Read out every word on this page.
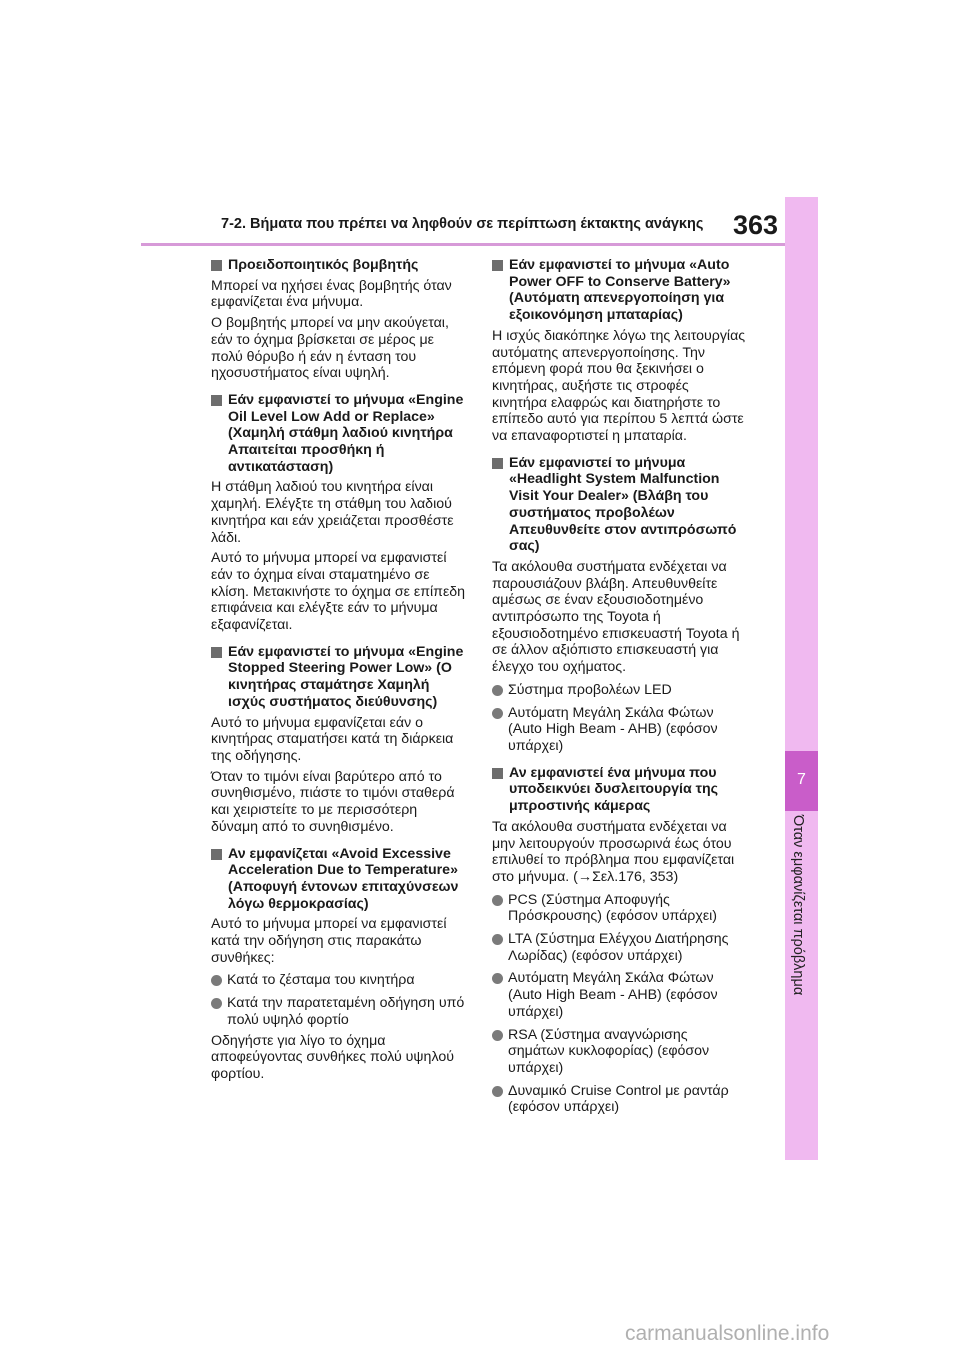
7-2. Βήματα που πρέπει να ληφθούν σε περίπτωση έκτακτης ανάγκης 363
7
Όταν εμφανίζεται πρόβλημα
Προειδοποιητικός βομβητής
Μπορεί να ηχήσει ένας βομβητής όταν εμφανίζεται ένα μήνυμα.
Ο βομβητής μπορεί να μην ακούγεται, εάν το όχημα βρίσκεται σε μέρος με πολύ θόρυβο ή εάν η ένταση του ηχοσυστήματος είναι υψηλή.
Εάν εμφανιστεί το μήνυμα «Engine Oil Level Low Add or Replace» (Χαμηλή στάθμη λαδιού κινητήρα Απαιτείται προσθήκη ή αντικατάσταση)
Η στάθμη λαδιού του κινητήρα είναι χαμηλή. Ελέγξτε τη στάθμη του λαδιού κινητήρα και εάν χρειάζεται προσθέστε λάδι.
Αυτό το μήνυμα μπορεί να εμφανιστεί εάν το όχημα είναι σταματημένο σε κλίση. Μετακινήστε το όχημα σε επίπεδη επιφάνεια και ελέγξτε εάν το μήνυμα εξαφανίζεται.
Εάν εμφανιστεί το μήνυμα «Engine Stopped Steering Power Low» (Ο κινητήρας σταμάτησε Χαμηλή ισχύς συστήματος διεύθυνσης)
Αυτό το μήνυμα εμφανίζεται εάν ο κινητήρας σταματήσει κατά τη διάρκεια της οδήγησης.
Όταν το τιμόνι είναι βαρύτερο από το συνηθισμένο, πιάστε το τιμόνι σταθερά και χειριστείτε το με περισσότερη δύναμη από το συνηθισμένο.
Αν εμφανίζεται «Avoid Excessive Acceleration Due to Temperature» (Αποφυγή έντονων επιταχύνσεων λόγω θερμοκρασίας)
Αυτό το μήνυμα μπορεί να εμφανιστεί κατά την οδήγηση στις παρακάτω συνθήκες:
Κατά το ζέσταμα του κινητήρα
Κατά την παρατεταμένη οδήγηση υπό πολύ υψηλό φορτίο
Οδηγήστε για λίγο το όχημα αποφεύγοντας συνθήκες πολύ υψηλού φορτίου.
Εάν εμφανιστεί το μήνυμα «Auto Power OFF to Conserve Battery» (Αυτόματη απενεργοποίηση για εξοικονόμηση μπαταρίας)
Η ισχύς διακόπηκε λόγω της λειτουργίας αυτόματης απενεργοποίησης. Την επόμενη φορά που θα ξεκινήσει ο κινητήρας, αυξήστε τις στροφές κινητήρα ελαφρώς και διατηρήστε το επίπεδο αυτό για περίπου 5 λεπτά ώστε να επαναφορτιστεί η μπαταρία.
Εάν εμφανιστεί το μήνυμα «Headlight System Malfunction Visit Your Dealer» (Βλάβη του συστήματος προβολέων Απευθυνθείτε στον αντιπρόσωπό σας)
Τα ακόλουθα συστήματα ενδέχεται να παρουσιάζουν βλάβη. Απευθυνθείτε αμέσως σε έναν εξουσιοδοτημένο αντιπρόσωπο της Toyota ή εξουσιοδοτημένο επισκευαστή Toyota ή σε άλλον αξιόπιστο επισκευαστή για έλεγχο του οχήματος.
Σύστημα προβολέων LED
Αυτόματη Μεγάλη Σκάλα Φώτων (Auto High Beam - AHB) (εφόσον υπάρχει)
Αν εμφανιστεί ένα μήνυμα που υποδεικνύει δυσλειτουργία της μπροστινής κάμερας
Τα ακόλουθα συστήματα ενδέχεται να μην λειτουργούν προσωρινά έως ότου επιλυθεί το πρόβλημα που εμφανίζεται στο μήνυμα. (→Σελ.176, 353)
PCS (Σύστημα Αποφυγής Πρόσκρουσης) (εφόσον υπάρχει)
LTA (Σύστημα Ελέγχου Διατήρησης Λωρίδας) (εφόσον υπάρχει)
Αυτόματη Μεγάλη Σκάλα Φώτων (Auto High Beam - AHB) (εφόσον υπάρχει)
RSA (Σύστημα αναγνώρισης σημάτων κυκλοφορίας) (εφόσον υπάρχει)
Δυναμικό Cruise Control με ραντάρ (εφόσον υπάρχει)
carmanualsonline.info
